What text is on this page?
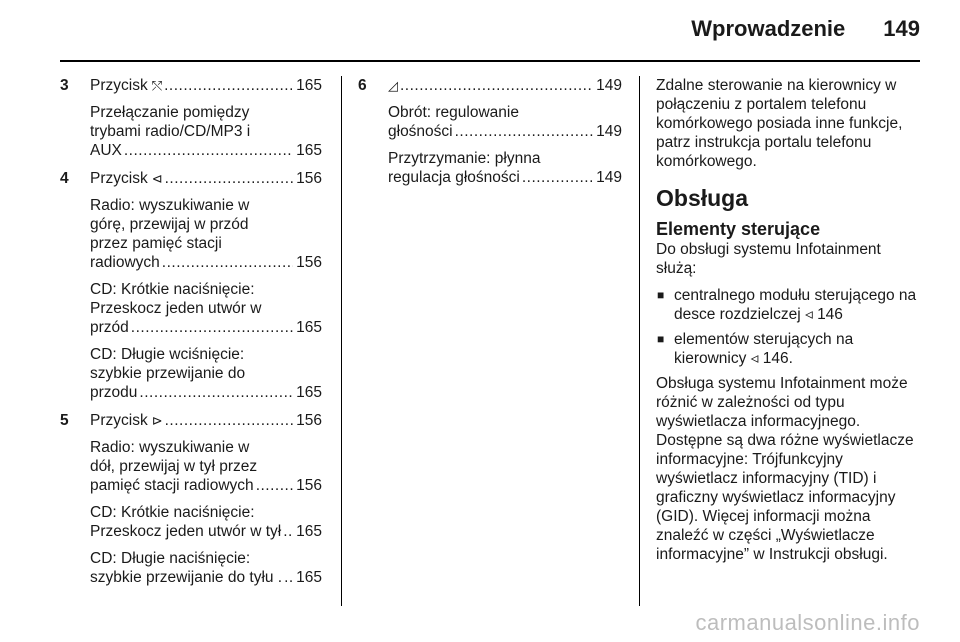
Wprowadzenie 149
3 Przycisk ⤲ .....	165
Przełączanie pomiędzy
trybami radio/CD/MP3 i
AUX .....	165
4 Przycisk ⊲ .....	156
Radio: wyszukiwanie w
górę, przewijaj w przód
przez pamięć stacji
radiowych .....	156
CD: Krótkie naciśnięcie:
Przeskocz jeden utwór w
przód .....	165
CD: Długie wciśnięcie:
szybkie przewijanie do
przodu .....	165
5 Przycisk ⊳ .....	156
Radio: wyszukiwanie w
dół, przewijaj w tył przez
pamięć stacji radiowych .....	156
CD: Krótkie naciśnięcie:
Przeskocz jeden utwór w tył ..... 165
CD: Długie naciśnięcie:
szybkie przewijanie do tyłu . ..... 165
6 ◿ .....	149
Obrót: regulowanie
głośności .....	149
Przytrzymanie: płynna
regulacja głośności .....	149

Zdalne sterowanie na kierownicy w połączeniu z portalem telefonu komórkowego posiada inne funkcje, patrz instrukcja portalu telefonu komórkowego.

Obsługa
Elementy sterujące

Do obsługi systemu Infotainment służą:

■ centralnego modułu sterującego na desce rozdzielczej ◃ 146
■ elementów sterujących na kierownicy ◃ 146.

Obsługa systemu Infotainment może różnić w zależności od typu wyświetlacza informacyjnego. Dostępne są dwa różne wyświetlacze informacyjne: Trójfunkcyjny wyświetlacz informacyjny (TID) i graficzny wyświetlacz informacyjny (GID). Więcej informacji można znaleźć w części „Wyświetlacze informacyjne” w Instrukcji obsługi.

carmanualsonline.info
